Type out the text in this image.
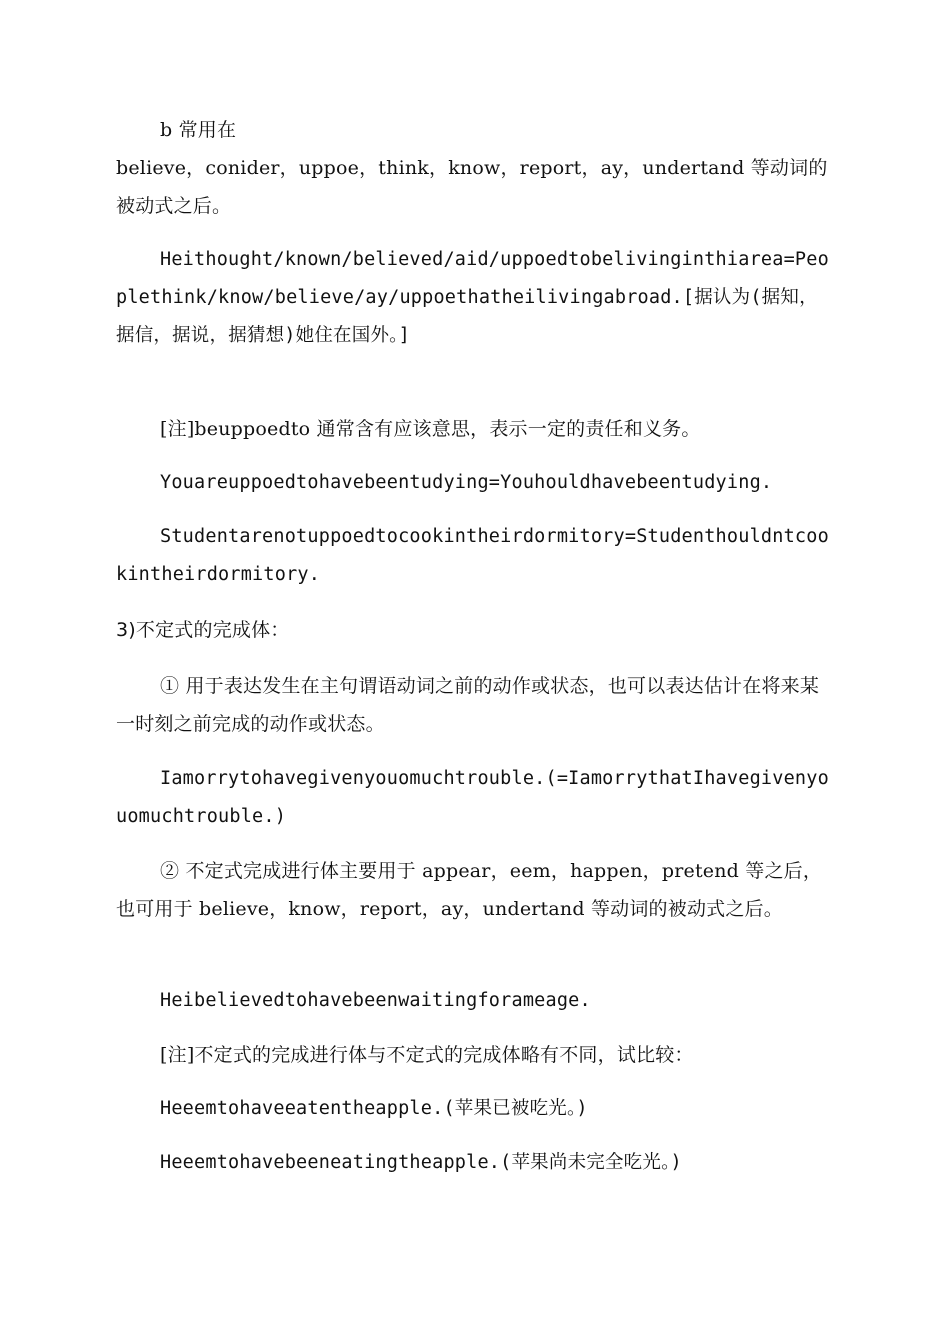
b 常用在
believe，conider，uppoe，think，know，report，ay，undertand 等动词的被动式之后。
Heithought/known/believed/aid/uppoedtobelivinginthiarea=Peoplethink/know/believe/ay/uppoethatheilivingabroad.[据认为(据知，据信，据说，据猜想)她住在国外。]
[注]beuppoedto 通常含有应该意思，表示一定的责任和义务。
Youareuppoedtohavebeentudying=Youhouldhavebeentudying.
Studentarenotuppoedtocookintheirdormitory=Studenthouldntcookintheirdormitory.
3)不定式的完成体：
① 用于表达发生在主句谓语动词之前的动作或状态，也可以表达估计在将来某一时刻之前完成的动作或状态。
Iamorrytohavegivenyouomuchtrouble.(=IamorrythatIhavegivenyouomuchtrouble.)
② 不定式完成进行体主要用于 appear，eem，happen，pretend 等之后，也可用于 believe，know，report，ay，undertand 等动词的被动式之后。
Heibelievedtohavebeenwaitingforameage.
[注]不定式的完成进行体与不定式的完成体略有不同，试比较：
Heeemtohaveeatentheapple.(苹果已被吃光。)
Heeemtohavebeeneatingtheapple.(苹果尚未完全吃光。)
